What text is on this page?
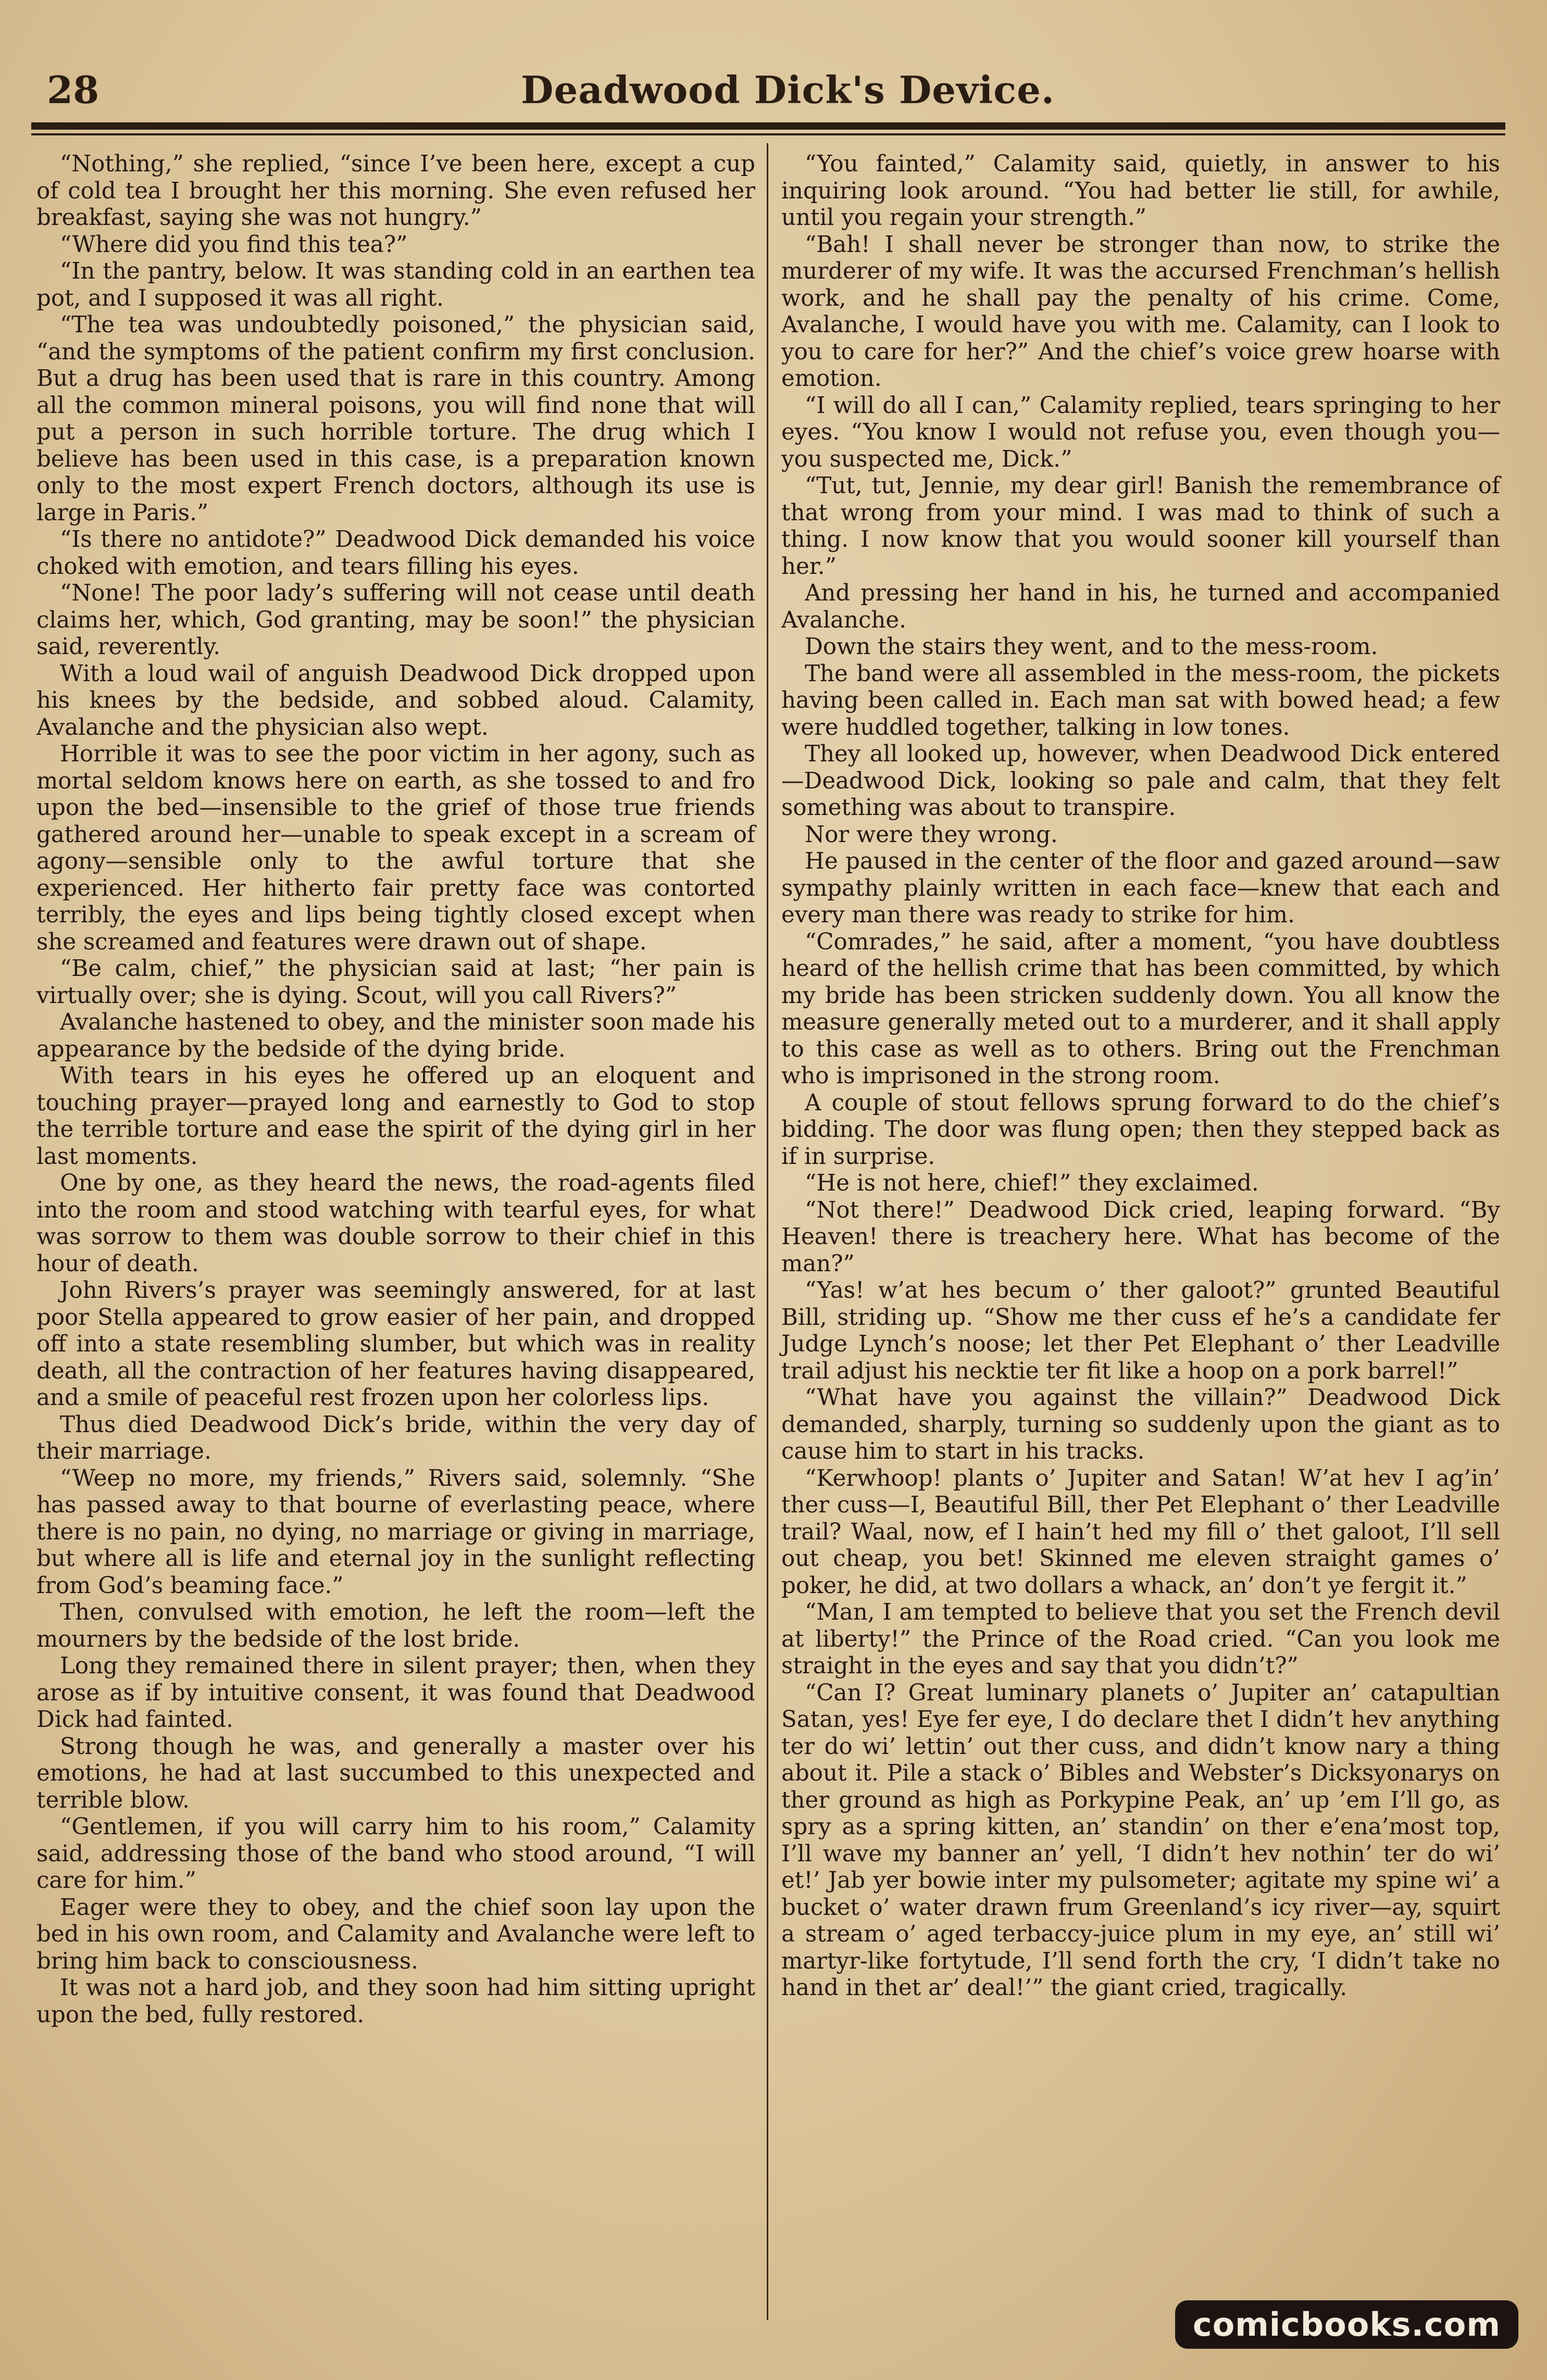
28	Deadwood Dick's Device.

“Nothing,” she replied, “since I’ve been here, except a cup of cold tea I brought her this morning. She even refused her breakfast, saying she was not hungry.”

“Where did you find this tea?”

“In the pantry, below. It was standing cold in an earthen tea pot, and I supposed it was all right.

“The tea was undoubtedly poisoned,” the physician said, “and the symptoms of the patient confirm my first conclusion. But a drug has been used that is rare in this country. Among all the common mineral poisons, you will find none that will put a person in such horrible torture. The drug which I believe has been used in this case, is a preparation known only to the most expert French doctors, although its use is large in Paris.”

“Is there no antidote?” Deadwood Dick demanded his voice choked with emotion, and tears filling his eyes.

“None! The poor lady’s suffering will not cease until death claims her, which, God granting, may be soon!” the physician said, reverently.

With a loud wail of anguish Deadwood Dick dropped upon his knees by the bedside, and sobbed aloud. Calamity, Avalanche and the physician also wept.

Horrible it was to see the poor victim in her agony, such as mortal seldom knows here on earth, as she tossed to and fro upon the bed—insensible to the grief of those true friends gathered around her—unable to speak except in a scream of agony—sensible only to the awful torture that she experienced. Her hitherto fair pretty face was contorted terribly, the eyes and lips being tightly closed except when she screamed and features were drawn out of shape.

“Be calm, chief,” the physician said at last; “her pain is virtually over; she is dying. Scout, will you call Rivers?”

Avalanche hastened to obey, and the minister soon made his appearance by the bedside of the dying bride.

With tears in his eyes he offered up an eloquent and touching prayer—prayed long and earnestly to God to stop the terrible torture and ease the spirit of the dying girl in her last moments.

One by one, as they heard the news, the road-agents filed into the room and stood watching with tearful eyes, for what was sorrow to them was double sorrow to their chief in this hour of death.

John Rivers’s prayer was seemingly answered, for at last poor Stella appeared to grow easier of her pain, and dropped off into a state resembling slumber, but which was in reality death, all the contraction of her features having disappeared, and a smile of peaceful rest frozen upon her colorless lips.

Thus died Deadwood Dick’s bride, within the very day of their marriage.

“Weep no more, my friends,” Rivers said, solemnly. “She has passed away to that bourne of everlasting peace, where there is no pain, no dying, no marriage or giving in marriage, but where all is life and eternal joy in the sunlight reflecting from God’s beaming face.”

Then, convulsed with emotion, he left the room—left the mourners by the bedside of the lost bride.

Long they remained there in silent prayer; then, when they arose as if by intuitive consent, it was found that Deadwood Dick had fainted.

Strong though he was, and generally a master over his emotions, he had at last succumbed to this unexpected and terrible blow.

“Gentlemen, if you will carry him to his room,” Calamity said, addressing those of the band who stood around, “I will care for him.”

Eager were they to obey, and the chief soon lay upon the bed in his own room, and Calamity and Avalanche were left to bring him back to consciousness.

It was not a hard job, and they soon had him sitting upright upon the bed, fully restored.

“You fainted,” Calamity said, quietly, in answer to his inquiring look around. “You had better lie still, for awhile, until you regain your strength.”

“Bah! I shall never be stronger than now, to strike the murderer of my wife. It was the accursed Frenchman’s hellish work, and he shall pay the penalty of his crime. Come, Avalanche, I would have you with me. Calamity, can I look to you to care for her?” And the chief’s voice grew hoarse with emotion.

“I will do all I can,” Calamity replied, tears springing to her eyes. “You know I would not refuse you, even though you—you suspected me, Dick.”

“Tut, tut, Jennie, my dear girl! Banish the remembrance of that wrong from your mind. I was mad to think of such a thing. I now know that you would sooner kill yourself than her.”

And pressing her hand in his, he turned and accompanied Avalanche.

Down the stairs they went, and to the mess-room.

The band were all assembled in the mess-room, the pickets having been called in. Each man sat with bowed head; a few were huddled together, talking in low tones.

They all looked up, however, when Deadwood Dick entered—Deadwood Dick, looking so pale and calm, that they felt something was about to transpire.

Nor were they wrong.

He paused in the center of the floor and gazed around—saw sympathy plainly written in each face—knew that each and every man there was ready to strike for him.

“Comrades,” he said, after a moment, “you have doubtless heard of the hellish crime that has been committed, by which my bride has been stricken suddenly down. You all know the measure generally meted out to a murderer, and it shall apply to this case as well as to others. Bring out the Frenchman who is imprisoned in the strong room.

A couple of stout fellows sprung forward to do the chief’s bidding. The door was flung open; then they stepped back as if in surprise.

“He is not here, chief!” they exclaimed.

“Not there!” Deadwood Dick cried, leaping forward. “By Heaven! there is treachery here. What has become of the man?”

“Yas! w’at hes becum o’ ther galoot?” grunted Beautiful Bill, striding up. “Show me ther cuss ef he’s a candidate fer Judge Lynch’s noose; let ther Pet Elephant o’ ther Leadville trail adjust his necktie ter fit like a hoop on a pork barrel!”

“What have you against the villain?” Deadwood Dick demanded, sharply, turning so suddenly upon the giant as to cause him to start in his tracks.

“Kerwhoop! plants o’ Jupiter and Satan! W’at hev I ag’in’ ther cuss—I, Beautiful Bill, ther Pet Elephant o’ ther Leadville trail? Waal, now, ef I hain’t hed my fill o’ thet galoot, I’ll sell out cheap, you bet! Skinned me eleven straight games o’ poker, he did, at two dollars a whack, an’ don’t ye fergit it.”

“Man, I am tempted to believe that you set the French devil at liberty!” the Prince of the Road cried. “Can you look me straight in the eyes and say that you didn’t?”

“Can I? Great luminary planets o’ Jupiter an’ catapultian Satan, yes! Eye fer eye, I do declare thet I didn’t hev anything ter do wi’ lettin’ out ther cuss, and didn’t know nary a thing about it. Pile a stack o’ Bibles and Webster’s Dicksyonarys on ther ground as high as Porkypine Peak, an’ up ’em I’ll go, as spry as a spring kitten, an’ standin’ on ther e’ena’most top, I’ll wave my banner an’ yell, ‘I didn’t hev nothin’ ter do wi’ et!’ Jab yer bowie inter my pulsometer; agitate my spine wi’ a bucket o’ water drawn frum Greenland’s icy river—ay, squirt a stream o’ aged terbaccy-juice plum in my eye, an’ still wi’ martyr-like fortytude, I’ll send forth the cry, ‘I didn’t take no hand in thet ar’ deal!’” the giant cried, tragically.

comicbooks.com
